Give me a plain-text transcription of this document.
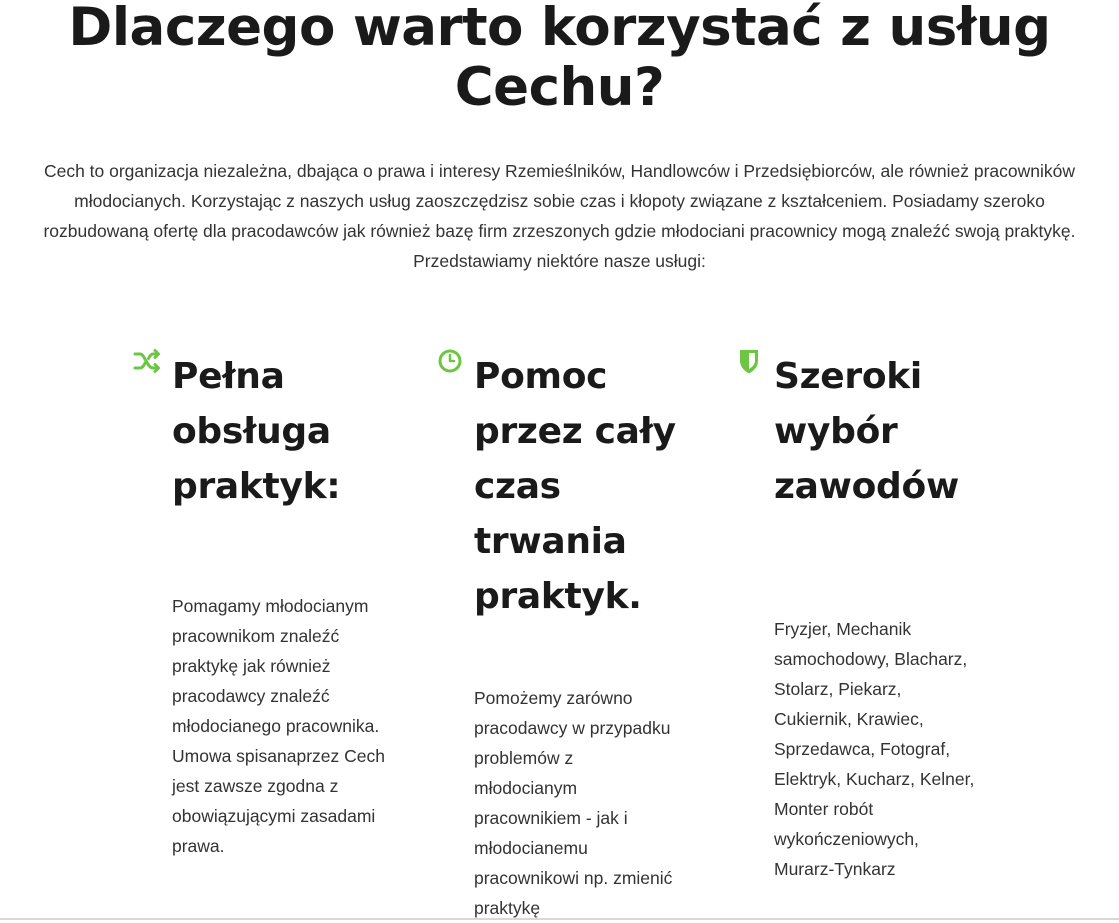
Dlaczego warto korzystać z usług Cechu?

Cech to organizacja niezależna, dbająca o prawa i interesy Rzemieślników, Handlowców i Przedsiębiorców, ale również pracowników młodocianych. Korzystając z naszych usług zaoszczędzisz sobie czas i kłopoty związane z kształceniem. Posiadamy szeroko rozbudowaną ofertę dla pracodawców jak również bazę firm zrzeszonych gdzie młodociani pracownicy mogą znaleźć swoją praktykę. Przedstawiamy niektóre nasze usługi:

Pełna obsługa praktyk:

Pomagamy młodocianym pracownikom znaleźć praktykę jak również pracodawcy znaleźć młodocianego pracownika. Umowa spisanaprzez Cech jest zawsze zgodna z obowiązującymi zasadami prawa.

Pomoc przez cały czas trwania praktyk.

Pomożemy zarówno pracodawcy w przypadku problemów z młodocianym pracownikiem - jak i młodocianemu pracownikowi np. zmienić praktykę

Szeroki wybór zawodów

Fryzjer, Mechanik samochodowy, Blacharz, Stolarz, Piekarz, Cukiernik, Krawiec, Sprzedawca, Fotograf, Elektryk, Kucharz, Kelner, Monter robót wykończeniowych, Murarz-Tynkarz
